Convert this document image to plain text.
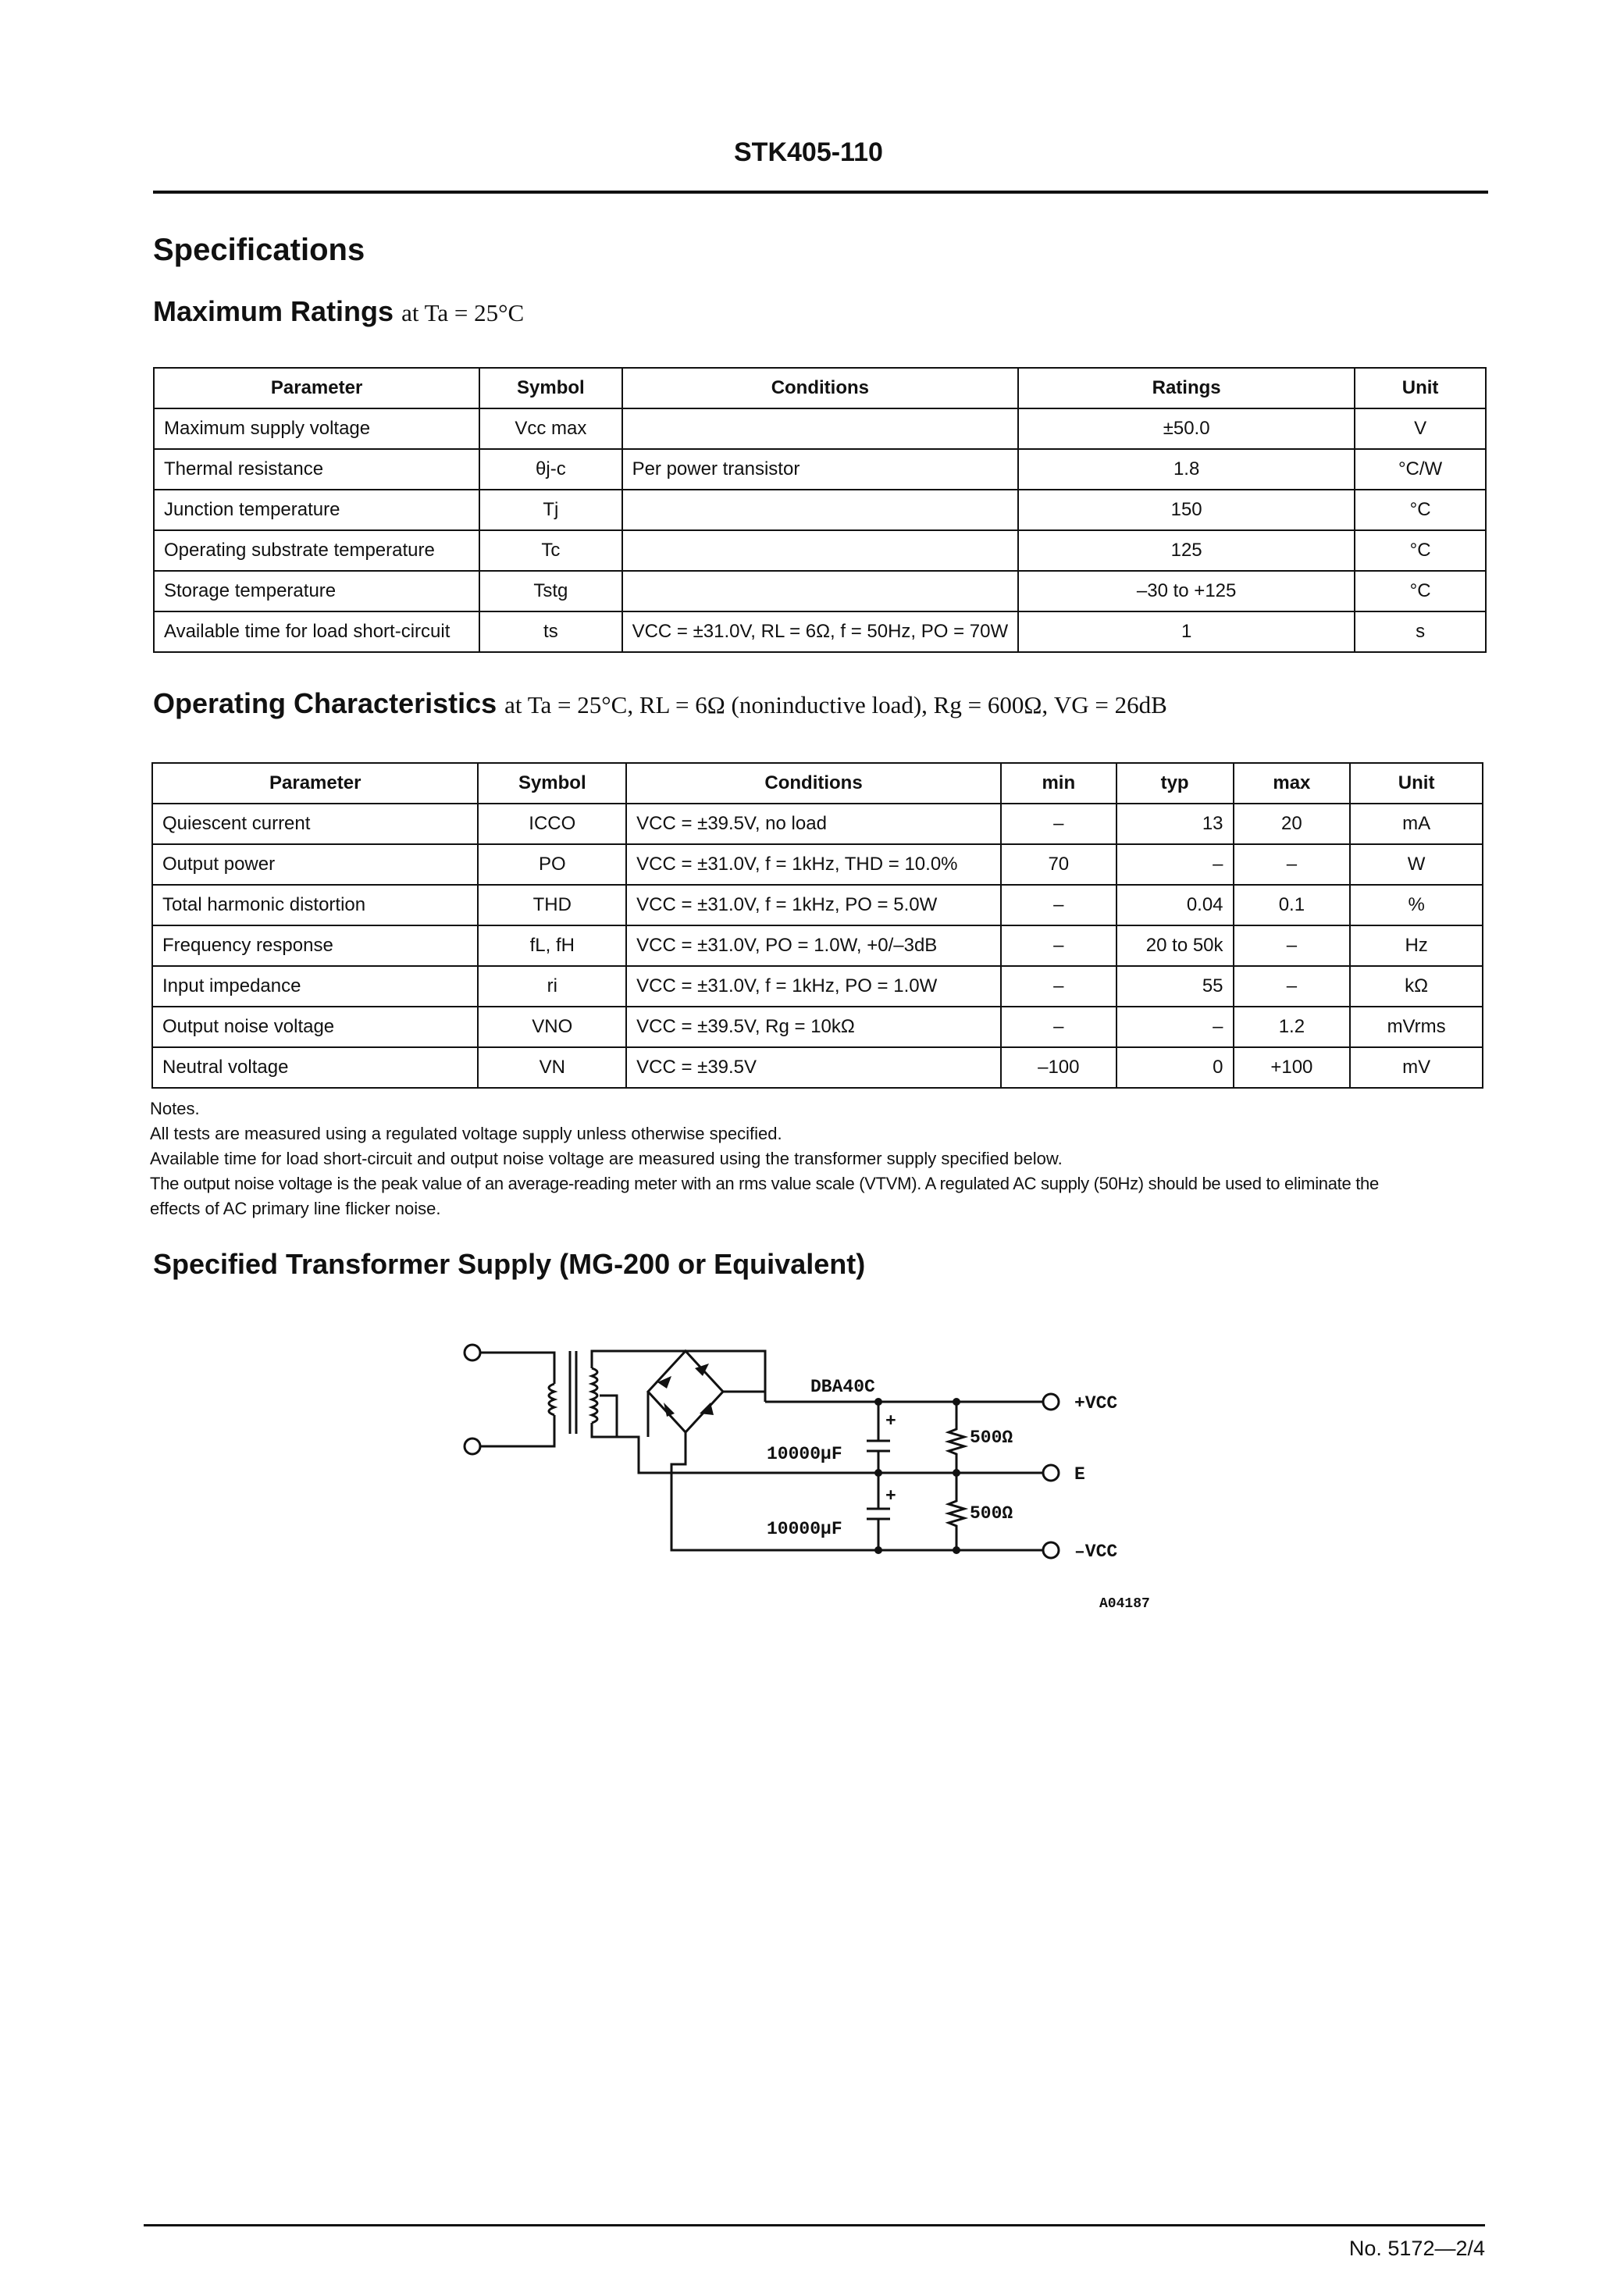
STK405-110
Specifications
Maximum Ratings at Ta = 25°C
Parameter	Symbol	Conditions	Ratings	Unit
Maximum supply voltage	Vcc max		±50.0	V
Thermal resistance	θj-c	Per power transistor	1.8	°C/W
Junction temperature	Tj		150	°C
Operating substrate temperature	Tc		125	°C
Storage temperature	Tstg		–30 to +125	°C
Available time for load short-circuit	ts	VCC = ±31.0V, RL = 6Ω, f = 50Hz, PO = 70W	1	s
Operating Characteristics at Ta = 25°C, RL = 6Ω (noninductive load), Rg = 600Ω, VG = 26dB
Parameter	Symbol	Conditions	min	typ	max	Unit
Quiescent current	ICCO	VCC = ±39.5V, no load	–	13	20	mA
Output power	PO	VCC = ±31.0V, f = 1kHz, THD = 10.0%	70	–	–	W
Total harmonic distortion	THD	VCC = ±31.0V, f = 1kHz, PO = 5.0W	–	0.04	0.1	%
Frequency response	fL, fH	VCC = ±31.0V, PO = 1.0W, +0/–3dB	–	20 to 50k	–	Hz
Input impedance	ri	VCC = ±31.0V, f = 1kHz, PO = 1.0W	–	55	–	kΩ
Output noise voltage	VNO	VCC = ±39.5V, Rg = 10kΩ	–	–	1.2	mVrms
Neutral voltage	VN	VCC = ±39.5V	–100	0	+100	mV
Notes.
All tests are measured using a regulated voltage supply unless otherwise specified.
Available time for load short-circuit and output noise voltage are measured using the transformer supply specified below.
The output noise voltage is the peak value of an average-reading meter with an rms value scale (VTVM). A regulated AC supply (50Hz) should be used to eliminate the
effects of AC primary line flicker noise.
Specified Transformer Supply (MG-200 or Equivalent)
DBA40C
10000µF
10000µF
+
+
500Ω
500Ω
+VCC
E
–VCC
A04187
No. 5172—2/4
